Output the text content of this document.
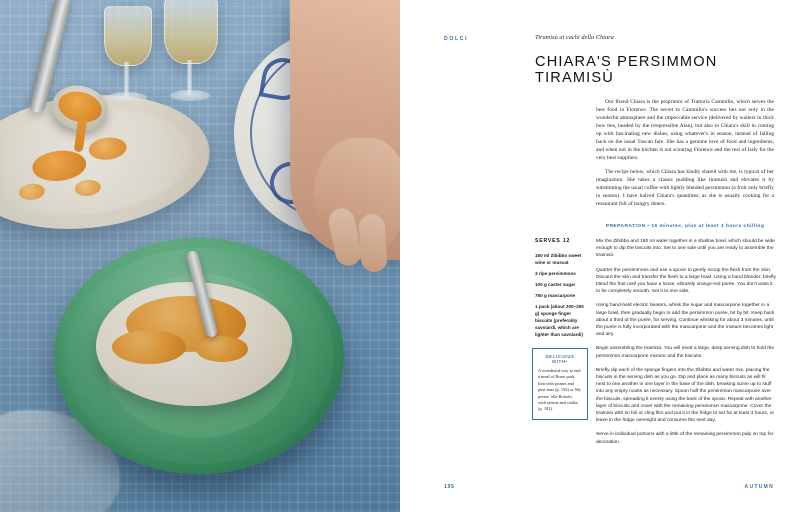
DOLCI	Tiramisù ai cachi della Chiara
CHIARA'S PERSIMMON TIRAMISÙ

Our friend Chiara is the proprietor of Trattoria Cammillo, which serves the best food in Florence. The secret to Cammillo's success lies not only in the wonderful atmosphere and the impeccable service (delivered by waiters in thick bow ties, headed by the irrepressible Alan), but also in Chiara's skill in coming up with fascinating new dishes, using whatever's in season, instead of falling back on the usual Tuscan fare. She has a genuine love of food and ingredients, and when not in the kitchen is out scouring Florence and the rest of Italy for the very best suppliers.

The recipe below, which Chiara has kindly shared with me, is typical of her imagination. She takes a classic pudding like tiramisù and elevates it by substituting the usual coffee with lightly blended persimmon (a fruit only briefly in season). I have halved Chiara's quantities, as she is usually cooking for a restaurant full of hungry diners.

PREPARATION • 15 minutes, plus at least 3 hours chilling
SERVES 12
150 ml Zibibbo sweet wine or muscat
3 ripe persimmons
100 g caster sugar
750 g mascarpone
1 pack (about 200–250 g) sponge finger biscuits (preferably savoiardi, which are lighter than savoiardi)
DELICIOUS WITH•
A wonderful way to end a meal of Roast pork loin with prunes and pine nuts (p. 192) or My perese 'ella Bottola', with raisins and vodka (p. 182).

Mix the Zibibbo and 150 ml water together in a shallow bowl, which should be wide enough to dip the biscuits into. Set to one side until you are ready to assemble the tiramisù.

Quarter the persimmons and use a spoon to gently scoop the flesh from the skin. Discard the skin and transfer the flesh to a large bowl. Using a hand blender, briefly blend the fruit until you have a loose, vibrantly orange-red purée. You don't want it to be completely smooth. Set it to one side.

Using hand-held electric beaters, whisk the sugar and mascarpone together in a large bowl, then gradually begin to add the persimmon purée, bit by bit. Keep back about a third of the purée, for serving. Continue whisking for about 3 minutes, until the purée is fully incorporated with the mascarpone and the mixture becomes light and airy.

Begin assembling the tiramisù. You will need a large, deep serving dish to hold the persimmon mascarpone mixture and the biscuits.

Briefly dip each of the sponge fingers into the Zibibbo and water mix, placing the biscuits in the serving dish as you go. Dip and place as many biscuits as will fit next to one another in one layer in the base of the dish, breaking some up to stuff into any empty nooks as necessary. Spoon half the persimmon mascarpone over the biscuits, spreading it evenly using the back of the spoon. Repeat with another layer of biscuits and cover with the remaining persimmon mascarpone. Cover the tiramisù with tin foil or cling film and put it in the fridge to set for at least 3 hours, or leave in the fridge overnight and consume the next day.

Serve in individual portions with a little of the remaining persimmon pulp on top for decoration.

195	AUTUMN
